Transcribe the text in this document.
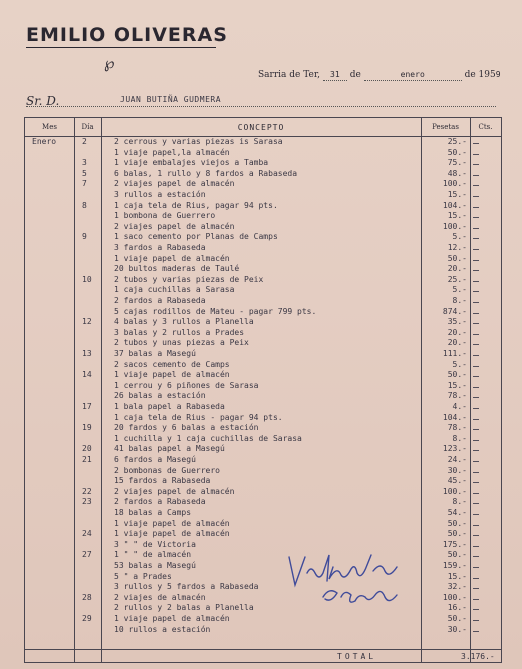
EMILIO OLIVERAS
℘
Sarria de Ter, 31 de	enero	de 1959
Sr. D.	JUAN BUTIÑA GUDMERA
Mes	Día	CONCEPTO	Pesetas	Cts.
Enero	2	2 cerrous y varias piezas is Sarasa	25.-
1 viaje papel,la almacén	50.-
3	1 viaje embalajes viejos a Tamba	75.-
5	6 balas, 1 rullo y 8 fardos a Rabasedа	48.-
7	2 viajes papel de almacén	100.-
3 rullos a estación	15.-
8	1 caja tela de Rius, pagar 94 pts.	104.-
1 bombona de Guerrero	15.-
2 viajes papel de almacén	100.-
9	1 saco cemento por Planas de Camps	5.-
3 fardos a Rabasedа	12.-
1 viaje papel de almacén	50.-
20 bultos maderas de Taulé	20.-
10	2 tubos y varias piezas de Peix	25.-
1 caja cuchillas a Sarasa	5.-
2 fardos a Rabasedа	8.-
5 cajas rodillos de Mateu - pagar 799 pts.	874.-
12	4 balas y 3 rullos a Planella	35.-
3 balas y 2 rullos a Prades	20.-
2 tubos y unas piezas a Peix	20.-
13	37 balas a Masegú	111.-
2 sacos cemento de Camps	5.-
14	1 viaje papel de almacén	50.-
1 cerrou y 6 piñones de Sarasa	15.-
26 balas a estación	78.-
17	1 bala papel a Rabasedа	4.-
1 caja tela de Rius - pagar 94 pts.	104.-
19	20 fardos y 6 balas a estación	78.-
1 cuchilla y 1 caja cuchillas de Sarasa	8.-
20	41 balas papel a Masegú	123.-
21	6 fardos a Masegú	24.-
2 bombonas de Guerrero	30.-
15 fardos a Rabasedа	45.-
22	2 viajes papel de almacén	100.-
23	2 fardos a Rabasedа	8.-
18 balas a Camps	54.-
1 viaje papel de almacén	50.-
24	1 viaje papel de almacén	50.-
3 " " de Victoria	175.-
27	1 " " de almacén	50.-
53 balas a Masegú	159.-
5 " a Prades	15.-
3 rullos y 5 fardos a Rabasedа	32.-
28	2 viajes de almacén	100.-
2 rullos y 2 balas a Planella	16.-
29	1 viaje papel de almacén	50.-
10 rullos a estación	30.-
TOTAL	3.176.-
